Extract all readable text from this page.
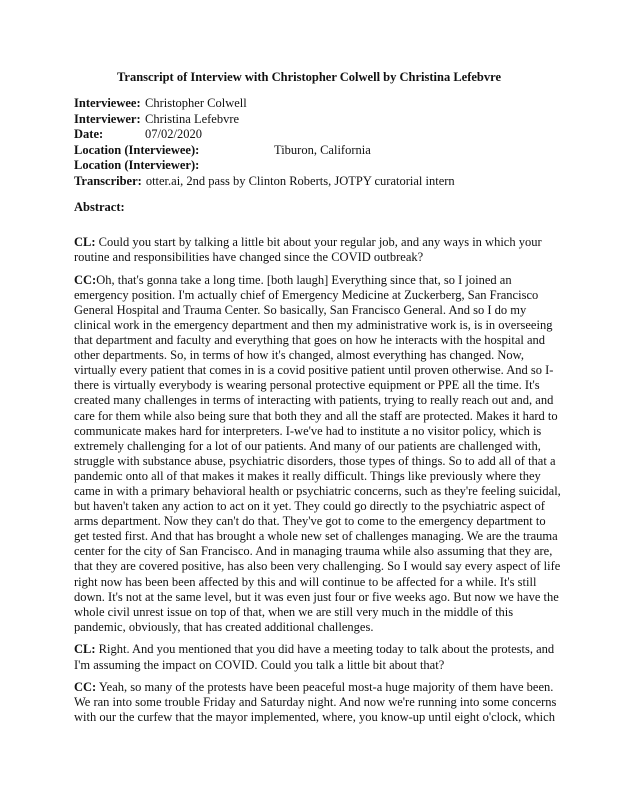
Transcript of Interview with Christopher Colwell by Christina Lefebvre
Interviewee: Christopher Colwell
Interviewer: Christina Lefebvre
Date:	07/02/2020
Location (Interviewee):	Tiburon, California
Location (Interviewer):
Transcriber: otter.ai, 2nd pass by Clinton Roberts, JOTPY curatorial intern
Abstract:
CL: Could you start by talking a little bit about your regular job, and any ways in which your
routine and responsibilities have changed since the COVID outbreak?
CC:Oh, that's gonna take a long time. [both laugh] Everything since that, so I joined an
emergency position. I'm actually chief of Emergency Medicine at Zuckerberg, San Francisco
General Hospital and Trauma Center. So basically, San Francisco General. And so I do my
clinical work in the emergency department and then my administrative work is, is in overseeing
that department and faculty and everything that goes on how he interacts with the hospital and
other departments. So, in terms of how it's changed, almost everything has changed. Now,
virtually every patient that comes in is a covid positive patient until proven otherwise. And so I-
there is virtually everybody is wearing personal protective equipment or PPE all the time. It's
created many challenges in terms of interacting with patients, trying to really reach out and, and
care for them while also being sure that both they and all the staff are protected. Makes it hard to
communicate makes hard for interpreters. I-we've had to institute a no visitor policy, which is
extremely challenging for a lot of our patients. And many of our patients are challenged with,
struggle with substance abuse, psychiatric disorders, those types of things. So to add all of that a
pandemic onto all of that makes it makes it really difficult. Things like previously where they
came in with a primary behavioral health or psychiatric concerns, such as they're feeling suicidal,
but haven't taken any action to act on it yet. They could go directly to the psychiatric aspect of
arms department. Now they can't do that. They've got to come to the emergency department to
get tested first. And that has brought a whole new set of challenges managing. We are the trauma
center for the city of San Francisco. And in managing trauma while also assuming that they are,
that they are covered positive, has also been very challenging. So I would say every aspect of life
right now has been been affected by this and will continue to be affected for a while. It's still
down. It's not at the same level, but it was even just four or five weeks ago. But now we have the
whole civil unrest issue on top of that, when we are still very much in the middle of this
pandemic, obviously, that has created additional challenges.
CL: Right. And you mentioned that you did have a meeting today to talk about the protests, and
I'm assuming the impact on COVID. Could you talk a little bit about that?
CC: Yeah, so many of the protests have been peaceful most-a huge majority of them have been.
We ran into some trouble Friday and Saturday night. And now we're running into some concerns
with our the curfew that the mayor implemented, where, you know-up until eight o'clock, which
